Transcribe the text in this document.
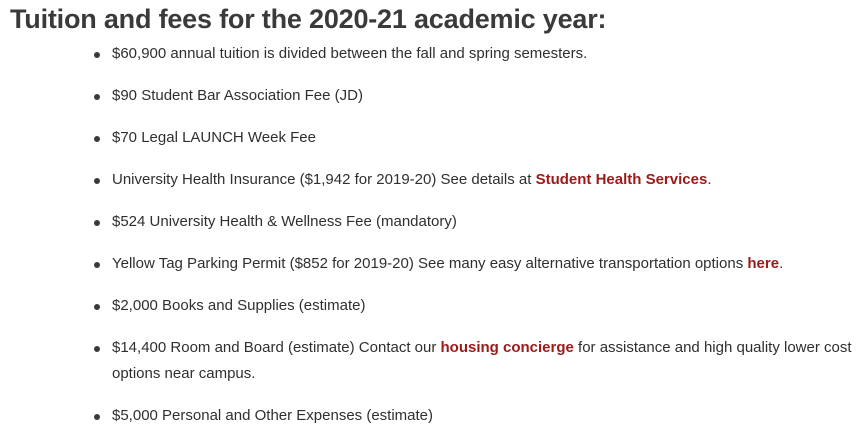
Tuition and fees for the 2020-21 academic year:
$60,900 annual tuition is divided between the fall and spring semesters.
$90 Student Bar Association Fee (JD)
$70 Legal LAUNCH Week Fee
University Health Insurance ($1,942 for 2019-20) See details at Student Health Services.
$524 University Health & Wellness Fee (mandatory)
Yellow Tag Parking Permit ($852 for 2019-20) See many easy alternative transportation options here.
$2,000 Books and Supplies (estimate)
$14,400 Room and Board (estimate) Contact our housing concierge for assistance and high quality lower cost options near campus.
$5,000 Personal and Other Expenses (estimate)
